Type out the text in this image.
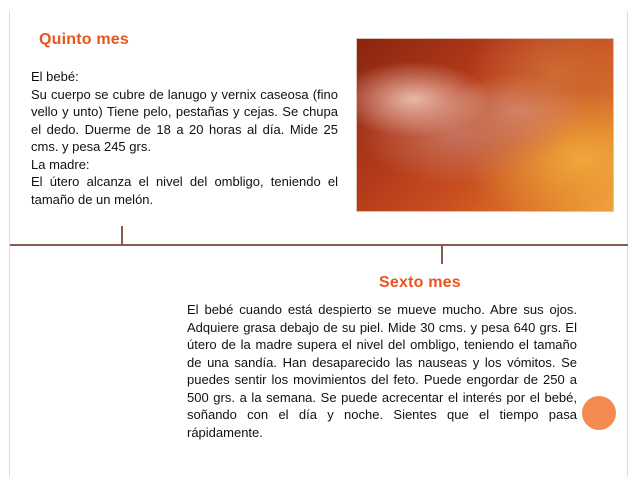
Quinto mes

El bebé:

Su cuerpo se cubre de lanugo y vernix caseosa (fino vello y unto) Tiene pelo, pestañas y cejas. Se chupa el dedo. Duerme de 18 a 20 horas al día. Mide 25 cms. y pesa 245 grs.

La madre:

El útero alcanza el nivel del ombligo, teniendo el tamaño de un melón.

Sexto mes
El bebé cuando está despierto se mueve mucho. Abre sus ojos. Adquiere grasa debajo de su piel. Mide 30 cms. y pesa 640 grs. El útero de la madre supera el nivel del ombligo, teniendo el tamaño de una sandía. Han desaparecido las nauseas y los vómitos. Se puedes sentir los movimientos del feto. Puede engordar de 250 a 500 grs. a la semana. Se puede acrecentar el interés por el bebé, soñando con el día y noche. Sientes que el tiempo pasa rápidamente.
